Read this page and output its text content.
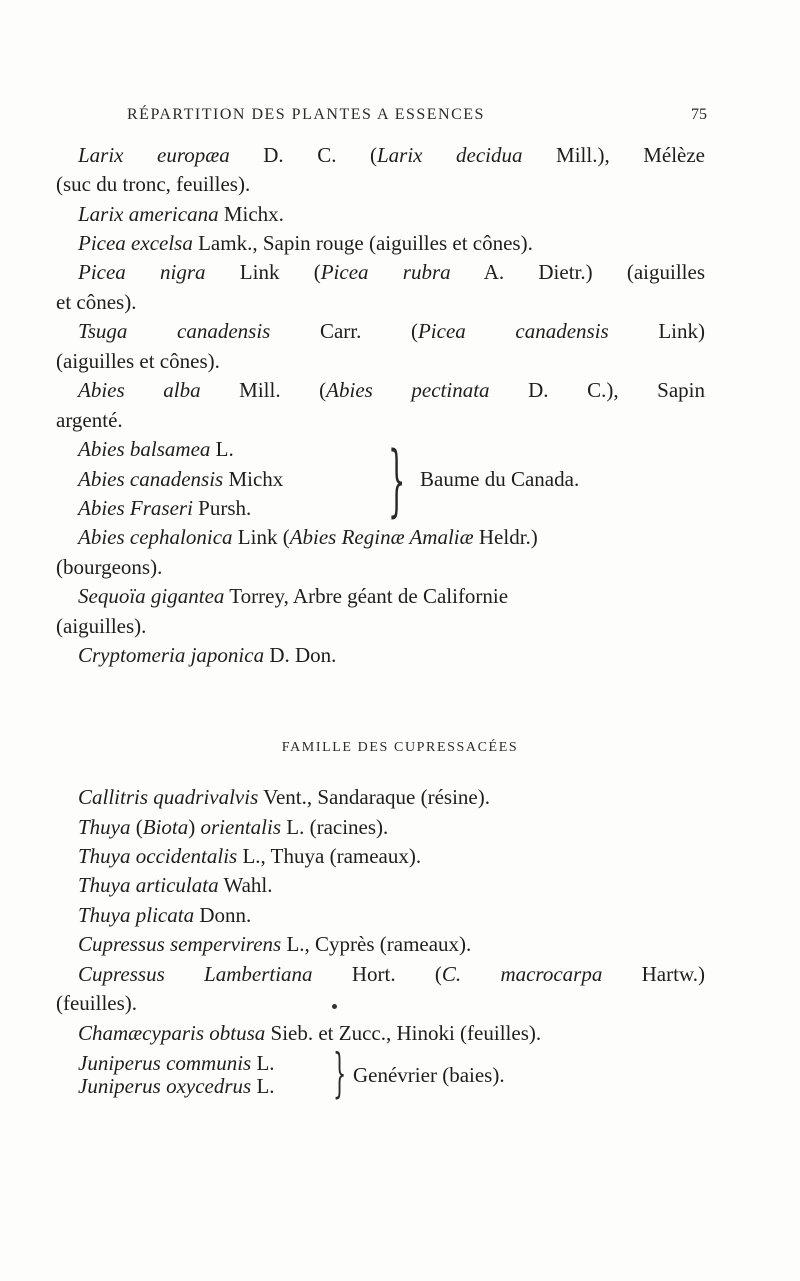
RÉPARTITION DES PLANTES A ESSENCES	75
Larix europæa D. C. (Larix decidua Mill.), Mélèze
(suc du tronc, feuilles).
Larix americana Michx.
Picea excelsa Lamk., Sapin rouge (aiguilles et cônes).
Picea nigra Link (Picea rubra A. Dietr.) (aiguilles
et cônes).
Tsuga canadensis Carr. (Picea canadensis Link)
(aiguilles et cônes).
Abies alba Mill. (Abies pectinata D. C.), Sapin
argenté.
Abies balsamea L.
Abies canadensis Michx
Abies Fraseri Pursh. } Baume du Canada.
Abies cephalonica Link (Abies Reginæ Amaliæ Heldr.)
(bourgeons).
Sequoïa gigantea Torrey, Arbre géant de Californie
(aiguilles).
Cryptomeria japonica D. Don.
FAMILLE DES CUPRESSACÉES
Callitris quadrivalvis Vent., Sandaraque (résine).
Thuya (Biota) orientalis L. (racines).
Thuya occidentalis L., Thuya (rameaux).
Thuya articulata Wahl.
Thuya plicata Donn.
Cupressus sempervirens L., Cyprès (rameaux).
Cupressus Lambertiana Hort. (C. macrocarpa Hartw.)
(feuilles).
Chamæcyparis obtusa Sieb. et Zucc., Hinoki (feuilles).
Juniperus communis L.
Juniperus oxycedrus L. } Genévrier (baies).
